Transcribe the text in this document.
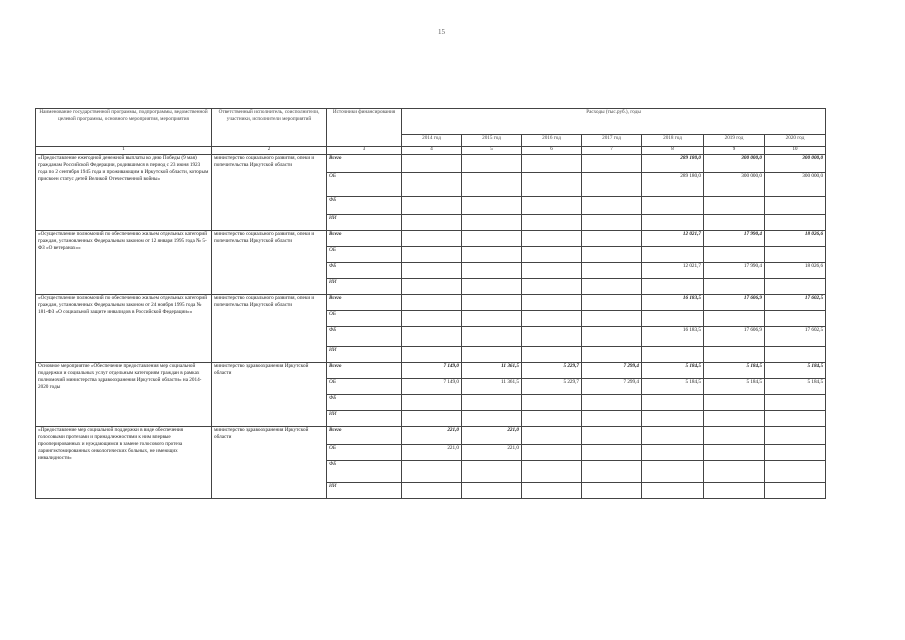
15
Наименование государственной программы, подпрограммы, ведомственной целевой программы, основного мероприятия, мероприятия	Ответственный исполнитель, соисполнители, участники, исполнители мероприятий	Источники финансирования	Расходы (тыс.руб.), годы						
			2014 год	2015 год	2016 год	2017 год	2018 год	2019 год	2020 год
1	2	3	4	5	6	7	8	9	10
«Предоставление ежегодной денежной выплаты ко дню Победы (9 мая) гражданам Российской Федерации, родившимся в период с 23 июня 1923 года по 2 сентября 1945 года и проживающим в Иркутской области, которым присвоен статус детей Великой Отечественной войны»	министерство социального развития, опеки и попечительства Иркутской области	Всего					289 180,0	300 000,0	300 000,0
		ОБ					289 180,0	300 000,0	300 000,0
		ФБ							
		ИИ							
«Осуществление полномочий по обеспечению жильем отдельных категорий граждан, установленных Федеральным законом от 12 января 1995 года № 5-ФЗ «О ветеранах»»	министерство социального развития, опеки и попечительства Иркутской области	Всего					12 021,7	17 990,4	18 026,6
		ОБ							
		ФБ					12 021,7	17 990,4	18 026,6
		ИИ							
«Осуществление полномочий по обеспечению жильем отдельных категорий граждан, установленных Федеральным законом от 24 ноября 1995 года № 181-ФЗ «О социальной защите инвалидов в Российской Федерации»»	министерство социального развития, опеки и попечительства Иркутской области	Всего					16 183,5	17 606,9	17 602,5
		ОБ							
		ФБ					16 183,5	17 606,9	17 602,5
		ИИ							
Основное мероприятие «Обеспечение предоставления мер социальной поддержки и социальных услуг отдельным категориям граждан в рамках полномочий министерства здравоохранения Иркутской области» на 2014-2020 годы	министерство здравоохранения Иркутской области	Всего	7 149,0	11 361,5	5 229,7	7 299,4	5 184,5	5 184,5	5 184,5
		ОБ	7 149,0	11 361,5	5 229,7	7 299,4	5 184,5	5 184,5	5 184,5
		ФБ							
		ИИ							
«Предоставление мер социальной поддержки в виде обеспечения голосовыми протезами и принадлежностями к ним впервые прооперированных и нуждающимся в замене голосового протеза ларингэктомированных онкологических больных, не имеющих инвалидности»	министерство здравоохранения Иркутской области	Всего	221,0	221,0					
		ОБ	221,0	221,0					
		ФБ							
		ИИ							
